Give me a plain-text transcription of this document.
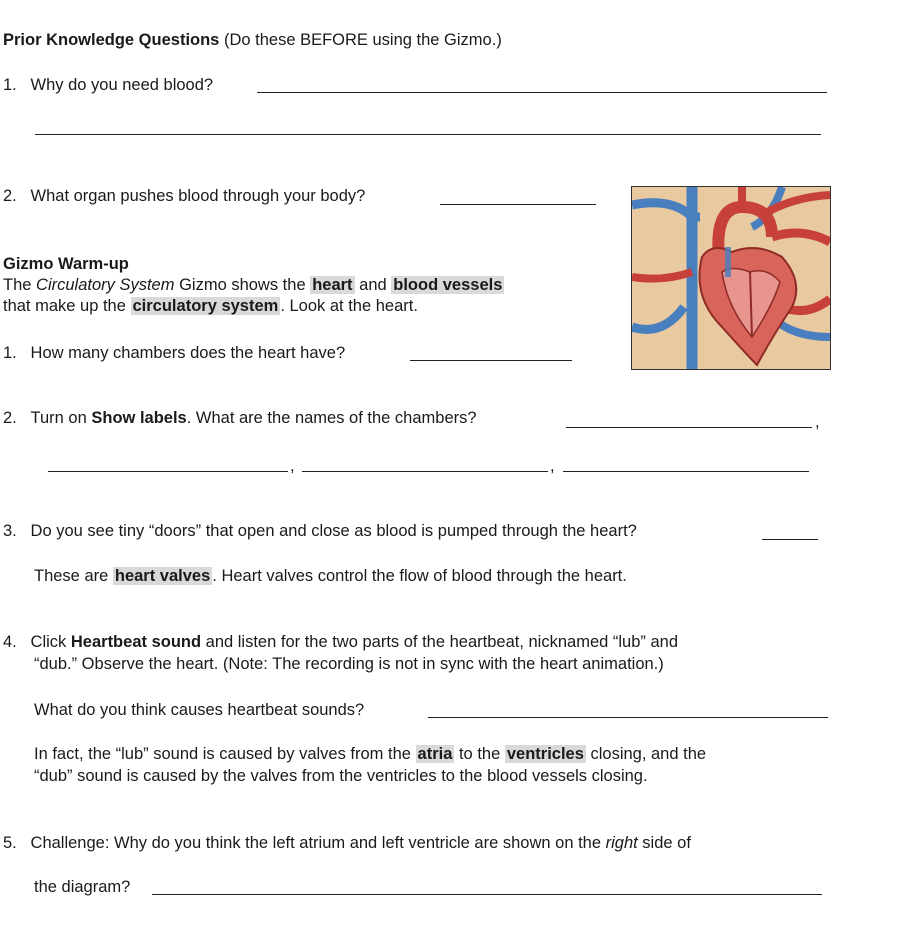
Prior Knowledge Questions (Do these BEFORE using the Gizmo.)
1. Why do you need blood?
2. What organ pushes blood through your body?
Gizmo Warm-up
The Circulatory System Gizmo shows the heart and blood vessels
that make up the circulatory system . Look at the heart.
1. How many chambers does the heart have?
2. Turn on Show labels. What are the names of the chambers?	,
,	,
3. Do you see tiny “doors” that open and close as blood is pumped through the heart?
These are heart valves . Heart valves control the flow of blood through the heart.
4. Click Heartbeat sound and listen for the two parts of the heartbeat, nicknamed “lub” and
“dub.” Observe the heart. (Note: The recording is not in sync with the heart animation.)
What do you think causes heartbeat sounds?
In fact, the “lub” sound is caused by valves from the atria to the ventricles closing, and the
“dub” sound is caused by the valves from the ventricles to the blood vessels closing.
5. Challenge: Why do you think the left atrium and left ventricle are shown on the right side of
the diagram?
